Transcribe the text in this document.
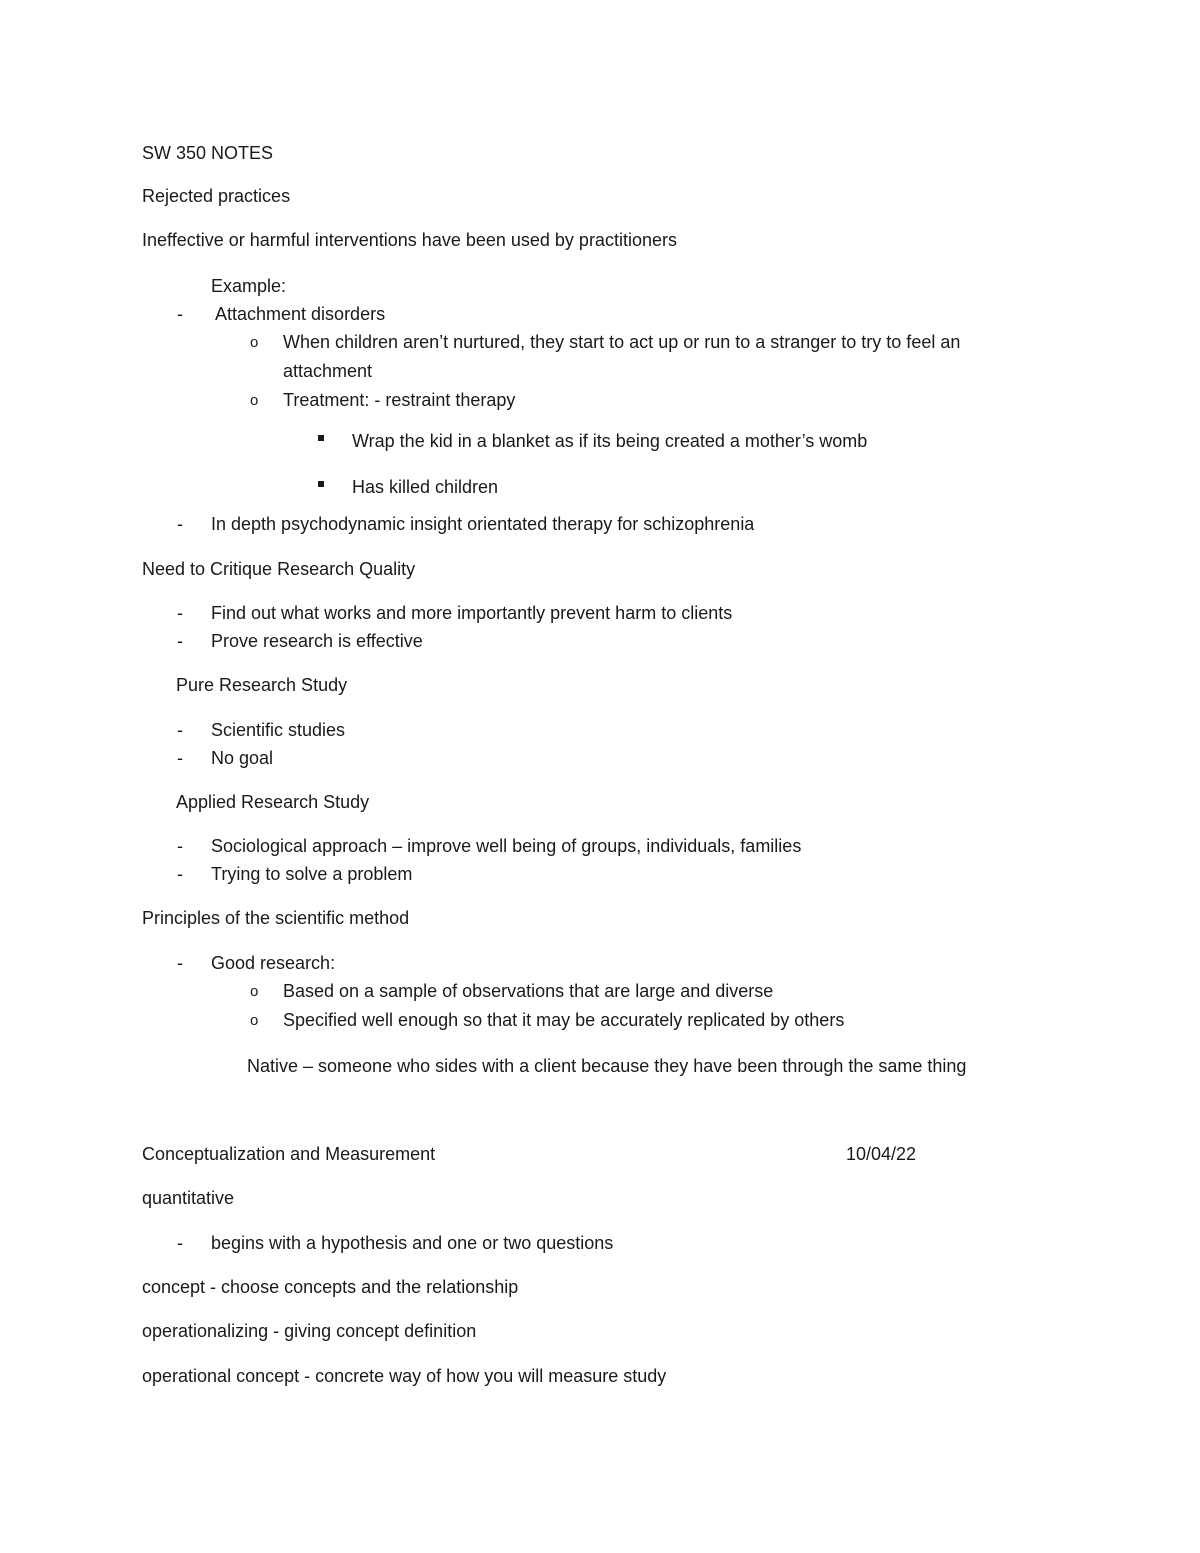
SW 350 NOTES
Rejected practices
Ineffective or harmful interventions have been used by practitioners
Example:
- Attachment disorders
o When children aren’t nurtured, they start to act up or run to a stranger to try to feel an
attachment
o Treatment: - restraint therapy
Wrap the kid in a blanket as if its being created a mother’s womb
Has killed children
- In depth psychodynamic insight orientated therapy for schizophrenia
Need to Critique Research Quality
- Find out what works and more importantly prevent harm to clients
- Prove research is effective
Pure Research Study
- Scientific studies
- No goal
Applied Research Study
- Sociological approach – improve well being of groups, individuals, families
- Trying to solve a problem
Principles of the scientific method
- Good research:
o Based on a sample of observations that are large and diverse
o Specified well enough so that it may be accurately replicated by others
Native – someone who sides with a client because they have been through the same thing
Conceptualization and Measurement	10/04/22
quantitative
- begins with a hypothesis and one or two questions
concept - choose concepts and the relationship
operationalizing - giving concept definition
operational concept - concrete way of how you will measure study
